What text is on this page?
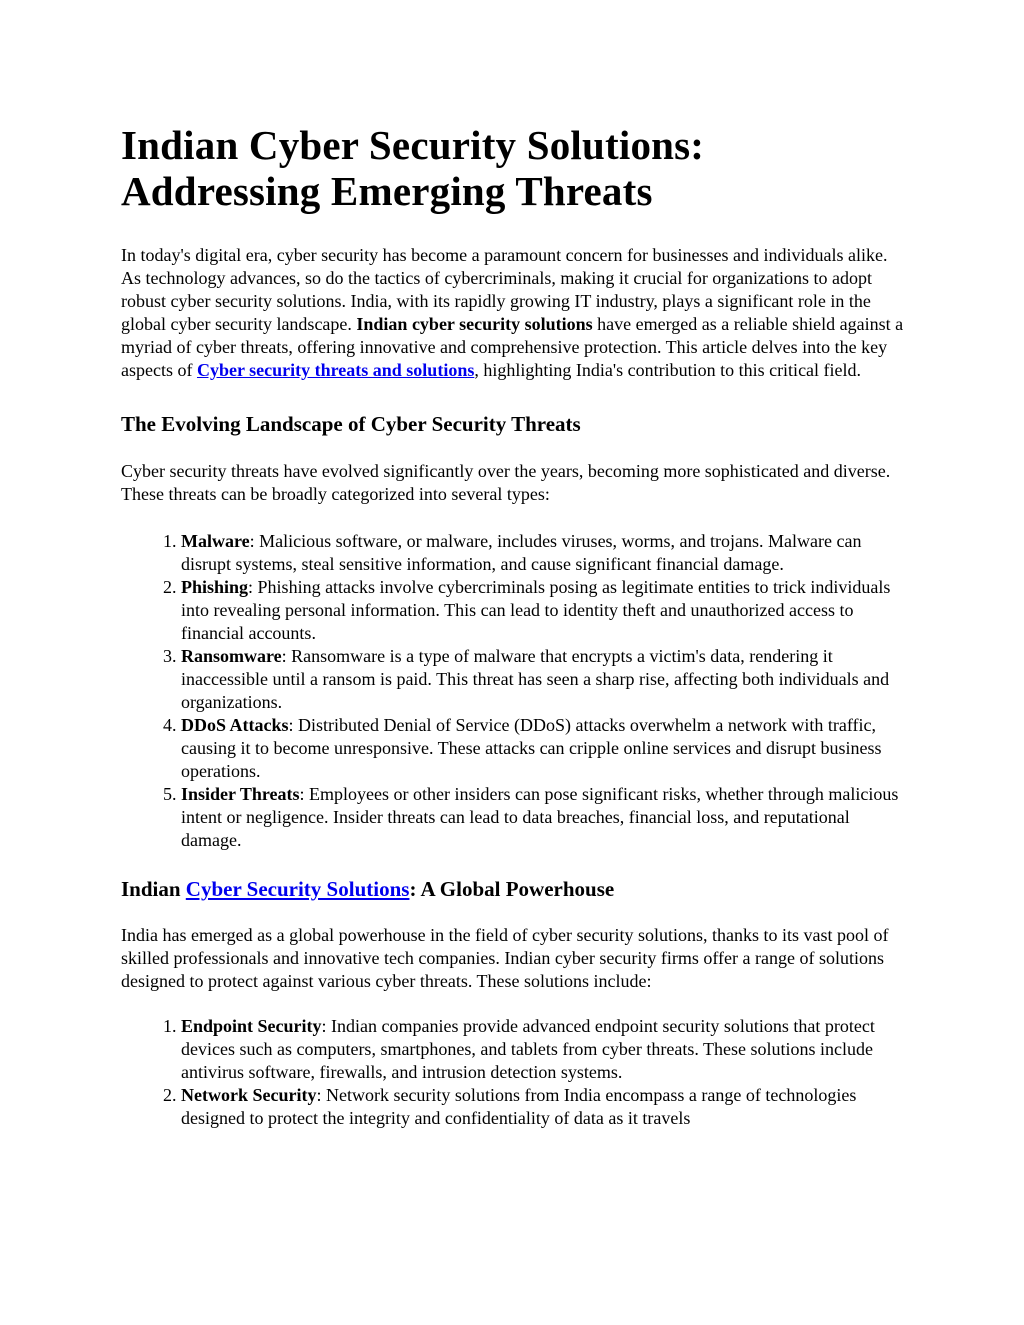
Indian Cyber Security Solutions: Addressing Emerging Threats

In today's digital era, cyber security has become a paramount concern for businesses and individuals alike. As technology advances, so do the tactics of cybercriminals, making it crucial for organizations to adopt robust cyber security solutions. India, with its rapidly growing IT industry, plays a significant role in the global cyber security landscape. Indian cyber security solutions have emerged as a reliable shield against a myriad of cyber threats, offering innovative and comprehensive protection. This article delves into the key aspects of Cyber security threats and solutions, highlighting India's contribution to this critical field.

The Evolving Landscape of Cyber Security Threats

Cyber security threats have evolved significantly over the years, becoming more sophisticated and diverse. These threats can be broadly categorized into several types:

1. Malware: Malicious software, or malware, includes viruses, worms, and trojans. Malware can disrupt systems, steal sensitive information, and cause significant financial damage.
2. Phishing: Phishing attacks involve cybercriminals posing as legitimate entities to trick individuals into revealing personal information. This can lead to identity theft and unauthorized access to financial accounts.
3. Ransomware: Ransomware is a type of malware that encrypts a victim's data, rendering it inaccessible until a ransom is paid. This threat has seen a sharp rise, affecting both individuals and organizations.
4. DDoS Attacks: Distributed Denial of Service (DDoS) attacks overwhelm a network with traffic, causing it to become unresponsive. These attacks can cripple online services and disrupt business operations.
5. Insider Threats: Employees or other insiders can pose significant risks, whether through malicious intent or negligence. Insider threats can lead to data breaches, financial loss, and reputational damage.
Indian Cyber Security Solutions: A Global Powerhouse

India has emerged as a global powerhouse in the field of cyber security solutions, thanks to its vast pool of skilled professionals and innovative tech companies. Indian cyber security firms offer a range of solutions designed to protect against various cyber threats. These solutions include:

1. Endpoint Security: Indian companies provide advanced endpoint security solutions that protect devices such as computers, smartphones, and tablets from cyber threats. These solutions include antivirus software, firewalls, and intrusion detection systems.
2. Network Security: Network security solutions from India encompass a range of technologies designed to protect the integrity and confidentiality of data as it travels
